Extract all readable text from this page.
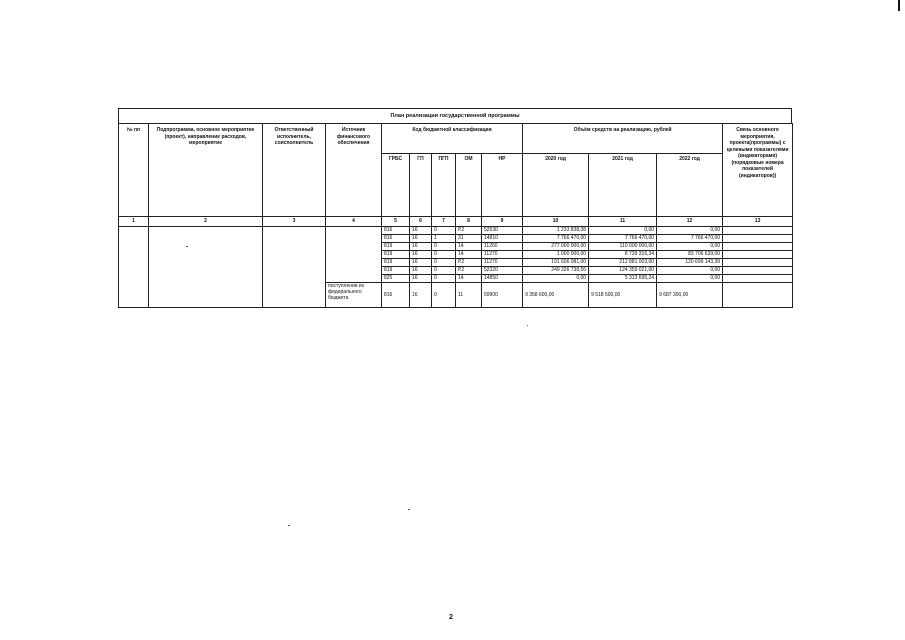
План реализации государственной программы
№ пп	Подпрограмма, основное мероприятие (проект), направление расходов, мероприятие	Ответственный исполнитель, соисполнитель	Источник финансового обеспечения	Код бюджетной классификации					Объём средств на реализацию, рублей			Связь основного мероприятия, проекта(программы) с целевыми показателями (индикаторами) (порядковые номера показателей (индикаторов))
				ГРБС	ГП	ПГП	ОМ	НР	2020 год	2021 год	2022 год	
1	2	3	4	5	6	7	8	9	10	11	12	13
				816	16	0	P2	52530	1 233 838,38	0,00	0,00	
				816	16	1	31	14810	7 766 470,00	7 766 470,00	7 766 470,00	
				819	16	0	14	11260	277 000 000,00	110 000 000,00	0,00	
				819	16	0	14	11270	1 000 000,00	8 739 316,34	83 706 639,00	
				819	16	0	P2	11270	191 606 081,00	212 881 003,00	120 699 143,39	
				819	16	0	P2	52320	249 326 738,56	124 359 021,00	0,00	
				825	16	0	14	14850	0,00	5 313 695,24	0,00	
			поступления из федерального бюджета	816	16	0	11	59900	9 358 600,00	9 518 500,00	9 687 300,00	
2
